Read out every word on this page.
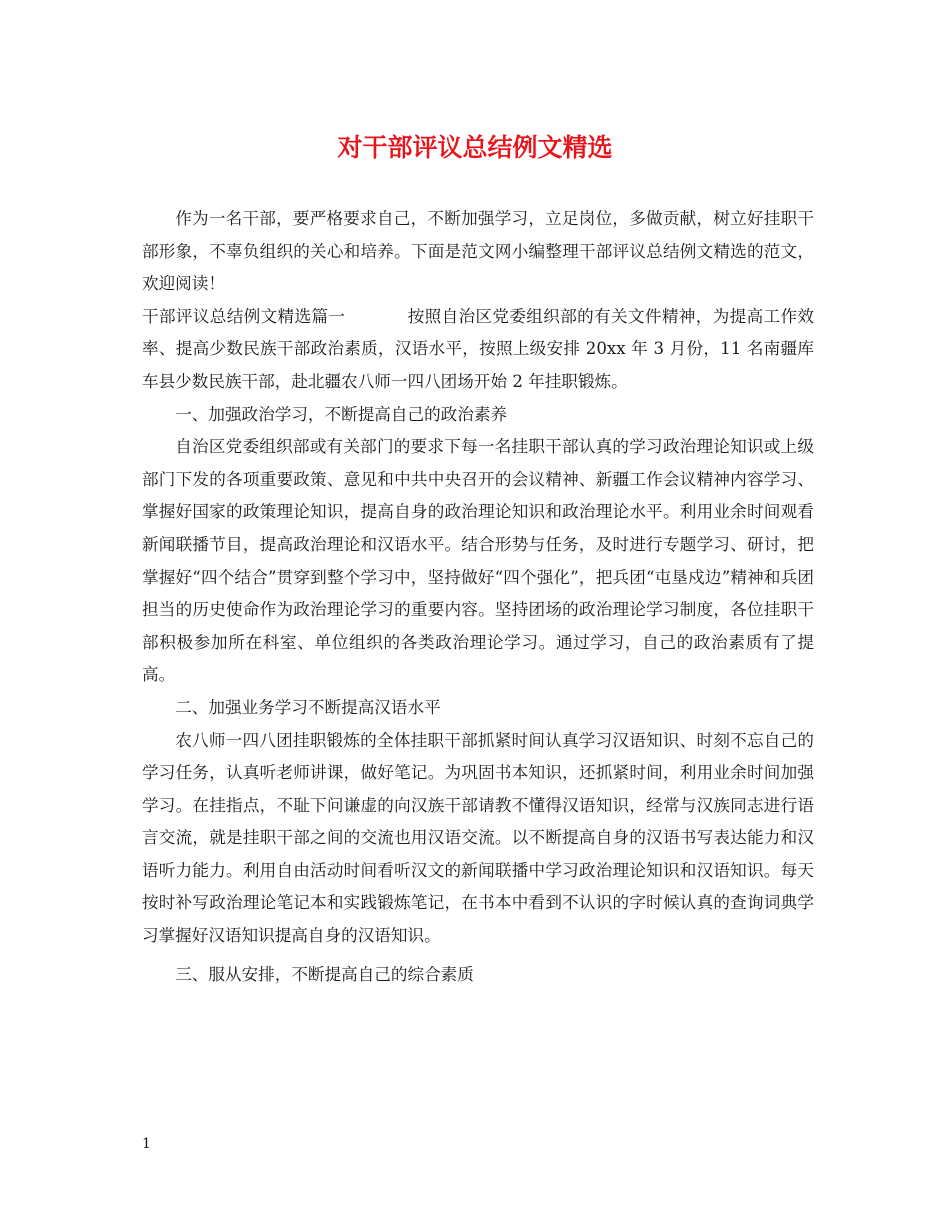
对干部评议总结例文精选

作为一名干部，要严格要求自己，不断加强学习，立足岗位，多做贡献，树立好挂职干部形象，不辜负组织的关心和培养。下面是范文网小编整理干部评议总结例文精选的范文，欢迎阅读！

干部评议总结例文精选篇一	按照自治区党委组织部的有关文件精神，为提高工作效率、提高少数民族干部政治素质，汉语水平，按照上级安排 20xx 年 3 月份，11 名南疆库车县少数民族干部，赴北疆农八师一四八团场开始 2 年挂职锻炼。

一、加强政治学习，不断提高自己的政治素养

自治区党委组织部或有关部门的要求下每一名挂职干部认真的学习政治理论知识或上级部门下发的各项重要政策、意见和中共中央召开的会议精神、新疆工作会议精神内容学习、掌握好国家的政策理论知识，提高自身的政治理论知识和政治理论水平。利用业余时间观看新闻联播节目，提高政治理论和汉语水平。结合形势与任务，及时进行专题学习、研讨，把掌握好“四个结合”贯穿到整个学习中，坚持做好“四个强化”，把兵团“屯垦戍边”精神和兵团担当的历史使命作为政治理论学习的重要内容。坚持团场的政治理论学习制度，各位挂职干部积极参加所在科室、单位组织的各类政治理论学习。通过学习，自己的政治素质有了提高。

二、加强业务学习不断提高汉语水平

农八师一四八团挂职锻炼的全体挂职干部抓紧时间认真学习汉语知识、时刻不忘自己的学习任务，认真听老师讲课，做好笔记。为巩固书本知识，还抓紧时间，利用业余时间加强学习。在挂指点，不耻下问谦虚的向汉族干部请教不懂得汉语知识，经常与汉族同志进行语言交流，就是挂职干部之间的交流也用汉语交流。以不断提高自身的汉语书写表达能力和汉语听力能力。利用自由活动时间看听汉文的新闻联播中学习政治理论知识和汉语知识。每天按时补写政治理论笔记本和实践锻炼笔记，在书本中看到不认识的字时候认真的查询词典学习掌握好汉语知识提高自身的汉语知识。

三、服从安排，不断提高自己的综合素质

1
